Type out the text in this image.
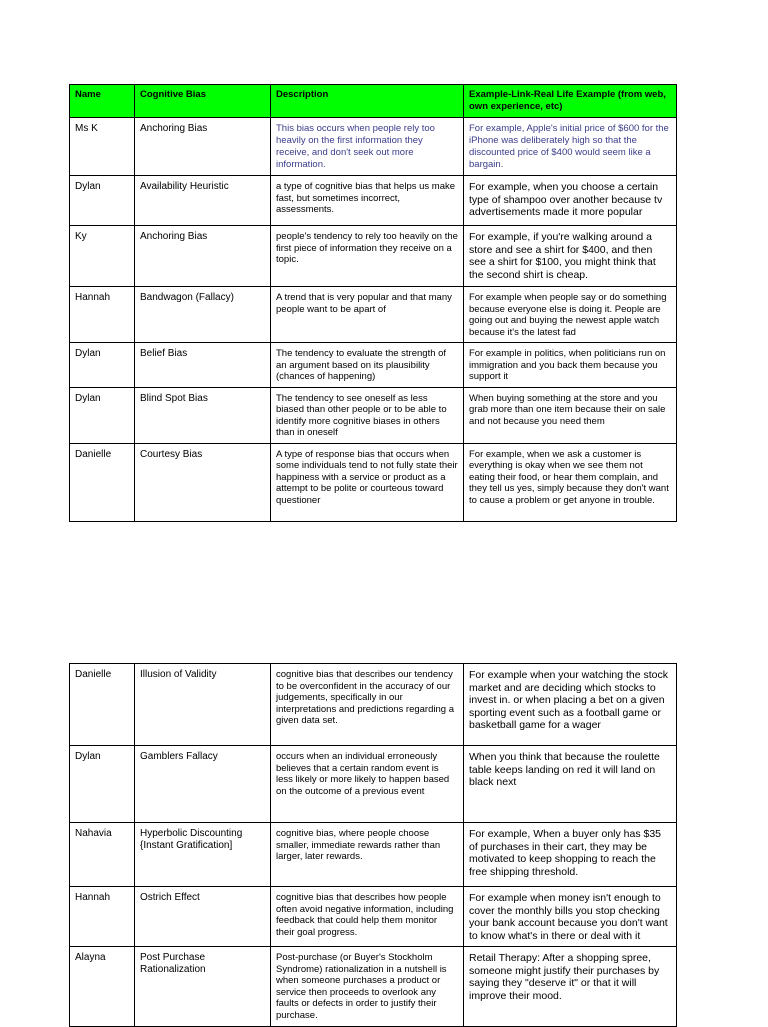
Name	Cognitive Bias	Description	Example-Link-Real Life Example (from web, own experience, etc)
Ms K	Anchoring Bias	This bias occurs when people rely too heavily on the first information they receive, and don't seek out more information.	For example, Apple's initial price of $600 for the iPhone was deliberately high so that the discounted price of $400 would seem like a bargain.
Dylan	Availability Heuristic	a type of cognitive bias that helps us make fast, but sometimes incorrect, assessments.	For example, when you choose a certain type of shampoo over another because tv advertisements made it more popular
Ky	Anchoring Bias	people's tendency to rely too heavily on the first piece of information they receive on a topic.	For example, if you're walking around a store and see a shirt for $400, and then see a shirt for $100, you might think that the second shirt is cheap.
Hannah	Bandwagon (Fallacy)	A trend that is very popular and that many people want to be apart of	For example when people say or do something because everyone else is doing it. People are going out and buying the newest apple watch because it's the latest fad
Dylan	Belief Bias	The tendency to evaluate the strength of an argument based on its plausibility (chances of happening)	For example in politics, when politicians run on immigration and you back them because you support it
Dylan	Blind Spot Bias	The tendency to see oneself as less biased than other people or to be able to identify more cognitive biases in others than in oneself	When buying something at the store and you grab more than one item because their on sale and not because you need them
Danielle	Courtesy Bias	A type of response bias that occurs when some individuals tend to not fully state their happiness with a service or product as a attempt to be polite or courteous toward questioner	For example, when we ask a customer is everything is okay when we see them not eating their food, or hear them complain, and they tell us yes, simply because they don't want to cause a problem or get anyone in trouble.
Danielle	Illusion of Validity	cognitive bias that describes our tendency to be overconfident in the accuracy of our judgements, specifically in our interpretations and predictions regarding a given data set.	For example when your watching the stock market and are deciding which stocks to invest in. or when placing a bet on a given sporting event such as a football game or basketball game for a wager
Dylan	Gamblers Fallacy	occurs when an individual erroneously believes that a certain random event is less likely or more likely to happen based on the outcome of a previous event	When you think that because the roulette table keeps landing on red it will land on black next
Nahavia	Hyperbolic Discounting {Instant Gratification]	cognitive bias, where people choose smaller, immediate rewards rather than larger, later rewards.	For example, When a buyer only has $35 of purchases in their cart, they may be motivated to keep shopping to reach the free shipping threshold.
Hannah	Ostrich Effect	cognitive bias that describes how people often avoid negative information, including feedback that could help them monitor their goal progress.	For example when money isn't enough to cover the monthly bills you stop checking your bank account because you don't want to know what's in there or deal with it
Alayna	Post Purchase Rationalization	Post-purchase (or Buyer's Stockholm Syndrome) rationalization in a nutshell is when someone purchases a product or service then proceeds to overlook any faults or defects in order to justify their purchase.	Retail Therapy: After a shopping spree, someone might justify their purchases by saying they "deserve it" or that it will improve their mood.
